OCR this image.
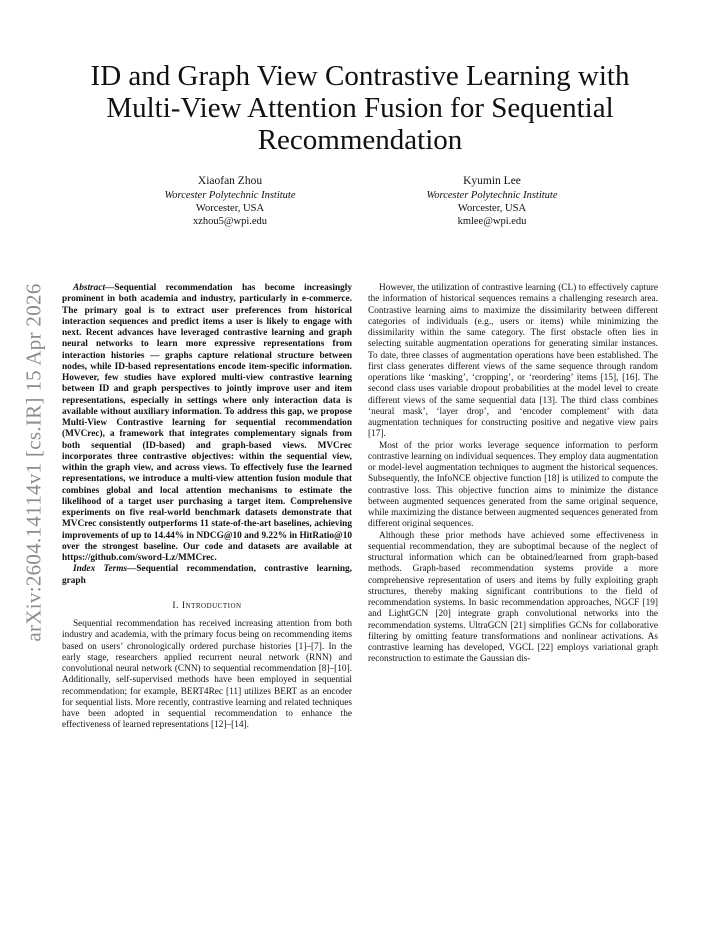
arXiv:2604.14114v1 [cs.IR] 15 Apr 2026
ID and Graph View Contrastive Learning with Multi-View Attention Fusion for Sequential Recommendation
Xiaofan Zhou
Worcester Polytechnic Institute
Worcester, USA
xzhou5@wpi.edu
Kyumin Lee
Worcester Polytechnic Institute
Worcester, USA
kmlee@wpi.edu

Abstract—Sequential recommendation has become increasingly prominent in both academia and industry, particularly in e-commerce. The primary goal is to extract user preferences from historical interaction sequences and predict items a user is likely to engage with next. Recent advances have leveraged contrastive learning and graph neural networks to learn more expressive representations from interaction histories — graphs capture relational structure between nodes, while ID-based representations encode item-specific information. However, few studies have explored multi-view contrastive learning between ID and graph perspectives to jointly improve user and item representations, especially in settings where only interaction data is available without auxiliary information. To address this gap, we propose Multi-View Contrastive learning for sequential recommendation (MVCrec), a framework that integrates complementary signals from both sequential (ID-based) and graph-based views. MVCrec incorporates three contrastive objectives: within the sequential view, within the graph view, and across views. To effectively fuse the learned representations, we introduce a multi-view attention fusion module that combines global and local attention mechanisms to estimate the likelihood of a target user purchasing a target item. Comprehensive experiments on five real-world benchmark datasets demonstrate that MVCrec consistently outperforms 11 state-of-the-art baselines, achieving improvements of up to 14.44% in NDCG@10 and 9.22% in HitRatio@10 over the strongest baseline. Our code and datasets are available at https://github.com/sword-Lz/MMCrec.

Index Terms—Sequential recommendation, contrastive learning, graph

I. Introduction

Sequential recommendation has received increasing attention from both industry and academia, with the primary focus being on recommending items based on users’ chronologically ordered purchase histories [1]–[7]. In the early stage, researchers applied recurrent neural network (RNN) and convolutional neural network (CNN) to sequential recommendation [8]–[10]. Additionally, self-supervised methods have been employed in sequential recommendation; for example, BERT4Rec [11] utilizes BERT as an encoder for sequential lists. More recently, contrastive learning and related techniques have been adopted in sequential recommendation to enhance the effectiveness of learned representations [12]–[14].

However, the utilization of contrastive learning (CL) to effectively capture the information of historical sequences remains a challenging research area. Contrastive learning aims to maximize the dissimilarity between different categories of individuals (e.g., users or items) while minimizing the dissimilarity within the same category. The first obstacle often lies in selecting suitable augmentation operations for generating similar instances. To date, three classes of augmentation operations have been established. The first class generates different views of the same sequence through random operations like ‘masking’, ‘cropping’, or ‘reordering’ items [15], [16]. The second class uses variable dropout probabilities at the model level to create different views of the same sequential data [13]. The third class combines ‘neural mask’, ‘layer drop’, and ‘encoder complement’ with data augmentation techniques for constructing positive and negative view pairs [17].

Most of the prior works leverage sequence information to perform contrastive learning on individual sequences. They employ data augmentation or model-level augmentation techniques to augment the historical sequences. Subsequently, the InfoNCE objective function [18] is utilized to compute the contrastive loss. This objective function aims to minimize the distance between augmented sequences generated from the same original sequence, while maximizing the distance between augmented sequences generated from different original sequences.

Although these prior methods have achieved some effectiveness in sequential recommendation, they are suboptimal because of the neglect of structural information which can be obtained/learned from graph-based methods. Graph-based recommendation systems provide a more comprehensive representation of users and items by fully exploiting graph structures, thereby making significant contributions to the field of recommendation systems. In basic recommendation approaches, NGCF [19] and LightGCN [20] integrate graph convolutional networks into the recommendation systems. UltraGCN [21] simplifies GCNs for collaborative filtering by omitting feature transformations and nonlinear activations. As contrastive learning has developed, VGCL [22] employs variational graph reconstruction to estimate the Gaussian dis-
